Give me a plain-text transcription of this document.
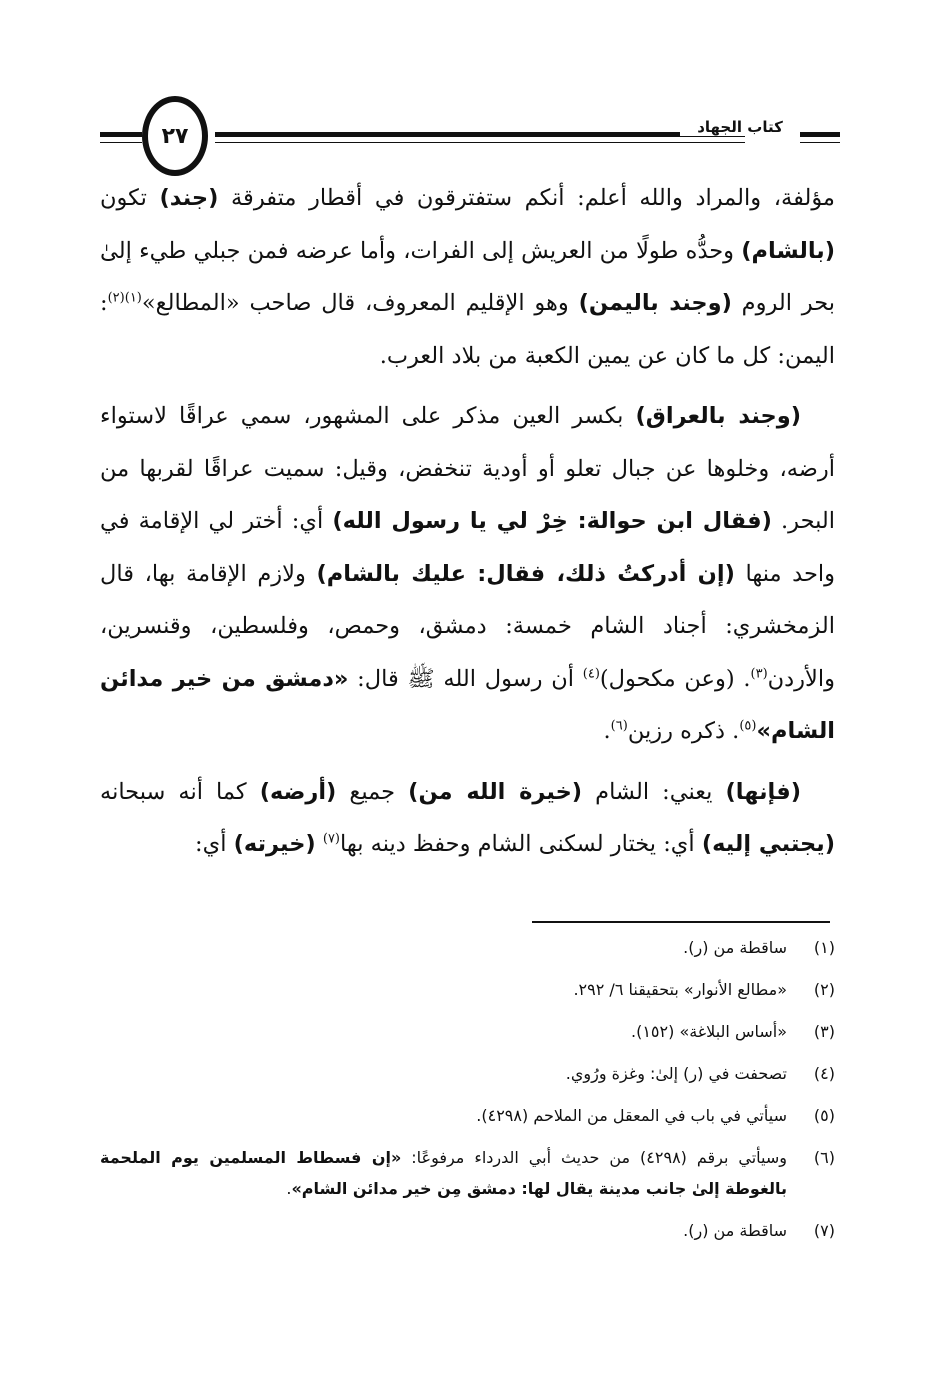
٢٧	كتاب الجهاد

مؤلفة، والمراد والله أعلم: أنكم ستفترقون في أقطار متفرقة (جند) تكون (بالشام) وحدُّه طولًا من العريش إلى الفرات، وأما عرضه فمن جبلي طيء إلىٰ بحر الروم (وجند باليمن) وهو الإقليم المعروف، قال صاحب «المطالع»$^{(١)(٢)}$: اليمن: كل ما كان عن يمين الكعبة من بلاد العرب.

(وجند بالعراق) بكسر العين مذكر على المشهور، سمي عراقًا لاستواء أرضه، وخلوها عن جبال تعلو أو أودية تنخفض، وقيل: سميت عراقًا لقربها من البحر. (فقال ابن حوالة: خِرْ لي يا رسول الله) أي: أختر لي الإقامة في واحد منها (إن أدركتُ ذلك، فقال: عليك بالشام) ولازم الإقامة بها، قال الزمخشري: أجناد الشام خمسة: دمشق، وحمص، وفلسطين، وقنسرين، والأردن$^{(٣)}$. (وعن مكحول)$^{(٤)}$ أن رسول الله ﷺ قال: «دمشق من خير مدائن الشام»$^{(٥)}$. ذكره رزين$^{(٦)}$.

(فإنها) يعني: الشام (خيرة الله من) جميع (أرضه) كما أنه سبحانه (يجتبي إليه) أي: يختار لسكنى الشام وحفظ دينه بها$^{(٧)}$ (خيرته) أي:

(١)
ساقطة من (ر).
(٢)
«مطالع الأنوار» بتحقيقنا ٦/ ٢٩٢.
(٣)
«أساس البلاغة» (١٥٢).
(٤)
تصحفت في (ر) إلىٰ: وغزة ورُوي.
(٥)
سيأتي في باب في المعقل من الملاحم (٤٢٩٨).
(٦)
وسيأتي برقم (٤٢٩٨) من حديث أبي الدرداء مرفوعًا: «إن فسطاط المسلمين يوم الملحمة بالغوطة إلىٰ جانب مدينة يقال لها: دمشق مِن خير مدائن الشام».
(٧)
ساقطة من (ر).
